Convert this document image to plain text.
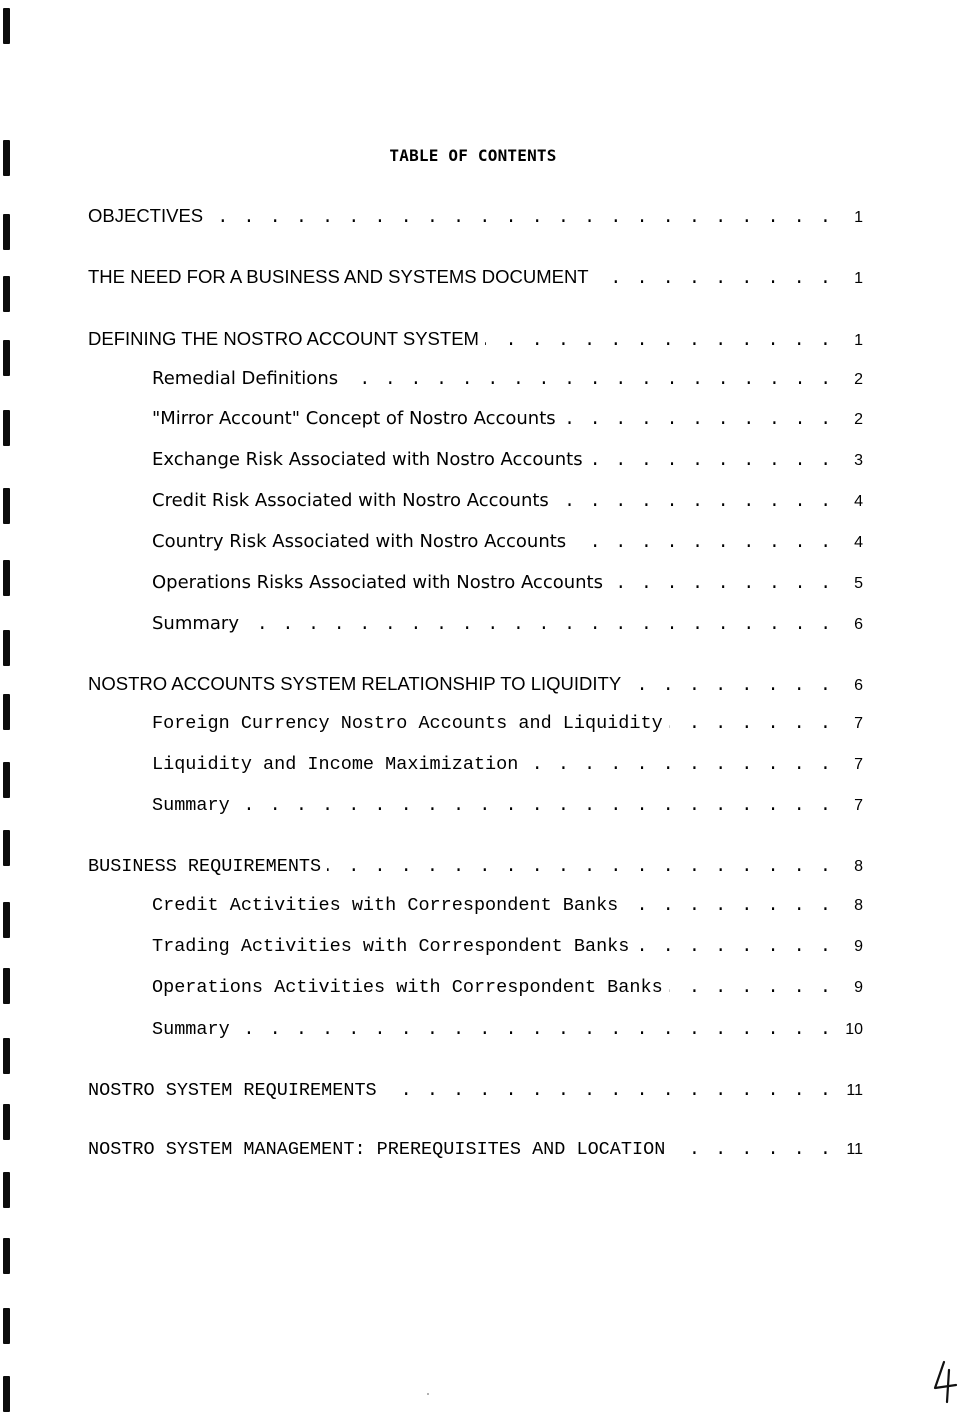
TABLE OF CONTENTS
OBJECTIVES . . .	1
THE NEED FOR A BUSINESS AND SYSTEMS DOCUMENT . . .	1
DEFINING THE NOSTRO ACCOUNT SYSTEM . . .	1
Remedial Definitions . . .	2
"Mirror Account" Concept of Nostro Accounts . . .	2
Exchange Risk Associated with Nostro Accounts . . .	3
Credit Risk Associated with Nostro Accounts . . .	4
Country Risk Associated with Nostro Accounts . . .	4
Operations Risks Associated with Nostro Accounts . . .	5
Summary . . .	6
NOSTRO ACCOUNTS SYSTEM RELATIONSHIP TO LIQUIDITY . . .	6
Foreign Currency Nostro Accounts and Liquidity . . .	7
Liquidity and Income Maximization . . .	7
Summary . . .	7
BUSINESS REQUIREMENTS . . .	8
Credit Activities with Correspondent Banks . . .	8
Trading Activities with Correspondent Banks . . .	9
Operations Activities with Correspondent Banks . . .	9
Summary . . .	10
NOSTRO SYSTEM REQUIREMENTS . . .	11
NOSTRO SYSTEM MANAGEMENT: PREREQUISITES AND LOCATION . . .	11
